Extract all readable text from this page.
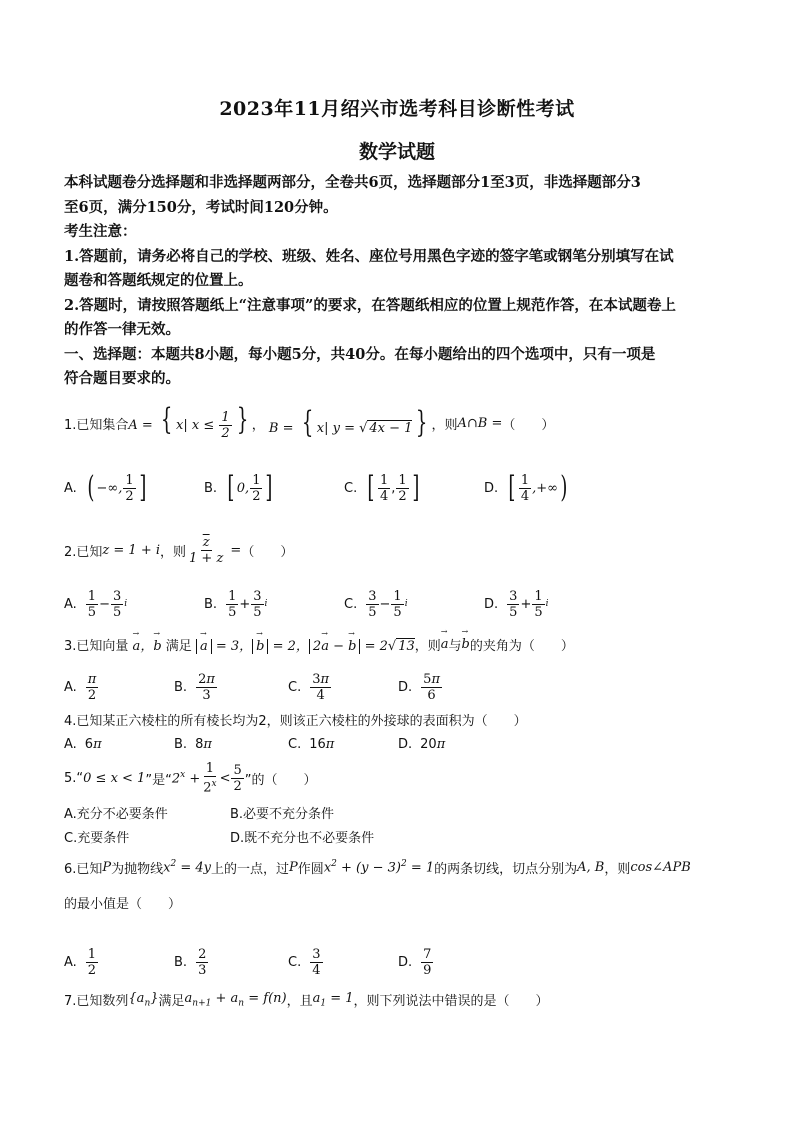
2023年11月绍兴市选考科目诊断性考试
数学试题
本科试题卷分选择题和非选择题两部分，全卷共6页，选择题部分1至3页，非选择题部分3
至6页，满分150分，考试时间120分钟。
考生注意：
1.答题前，请务必将自己的学校、班级、姓名、座位号用黑色字迹的签字笔或钢笔分别填写在试
题卷和答题纸规定的位置上。
2.答题时，请按照答题纸上“注意事项”的要求，在答题纸相应的位置上规范作答，在本试题卷上
的作答一律无效。
一、选择题：本题共8小题，每小题5分，共40分。在每小题给出的四个选项中，只有一项是
符合题目要求的。
1.已知集合 A = { x| $x \le \frac{1}{2}$ } ， B = { x| y = √ 4x − 1 } ，则 A∩B = （　　）
A. ( −∞, $\frac{1}{2}$ ]	B. [ 0, $\frac{1}{2}$ ]	C. [ $\frac{1}{4}$ , $\frac{1}{2}$ ]	D. [ $\frac{1}{4}$ ,+∞ )
2.已知 z = 1 + i ，则 $\frac{\overline{z}}{1 + z}$ = （　　）
A. $\frac{1}{5} - \frac{3}{5}$ i	B. $\frac{1}{5} + \frac{3}{5}$ i	C. $\frac{3}{5} - \frac{1}{5}$ i	D. $\frac{3}{5} + \frac{1}{5}$ i
3.已知向量 → a，→ b 满足 → a = 3， → b = 2， 2→ a − → b = 2√ 13 ，则 → a 与 → b 的夹角为（　　）
A. $\frac{\pi}{2}$	B. $\frac{2\pi}{3}$	C. $\frac{3\pi}{4}$	D. $\frac{5\pi}{6}$
4.已知某正六棱柱的所有棱长均为2，则该正六棱柱的外接球的表面积为（　　）
A. 6 π	B. 8 π	C. 16 π	D. 20 π
5.“ 0 ≤ x < 1 ”是“ $2^x + \frac{1}{2^x} < \frac{5}{2}$ ”的（　　）
A.充分不必要条件	B.必要不充分条件
C.充要条件	D.既不充分也不必要条件
6.已知 P 为抛物线 $x^2 = 4y$ 上的一点，过 P 作圆 $x^2 + (y - 3)^2 = 1$ 的两条切线，切点分别为 A, B ，则 cos∠APB
的最小值是（　　）
A. $\frac{1}{2}$	B. $\frac{2}{3}$	C. $\frac{3}{4}$	D. $\frac{7}{9}$
7.已知数列 $\{a_n\}$ 满足 $a_{n+1} + a_n = f(n)$ ，且 $a_1 = 1$ ，则下列说法中错误的是（　　）
